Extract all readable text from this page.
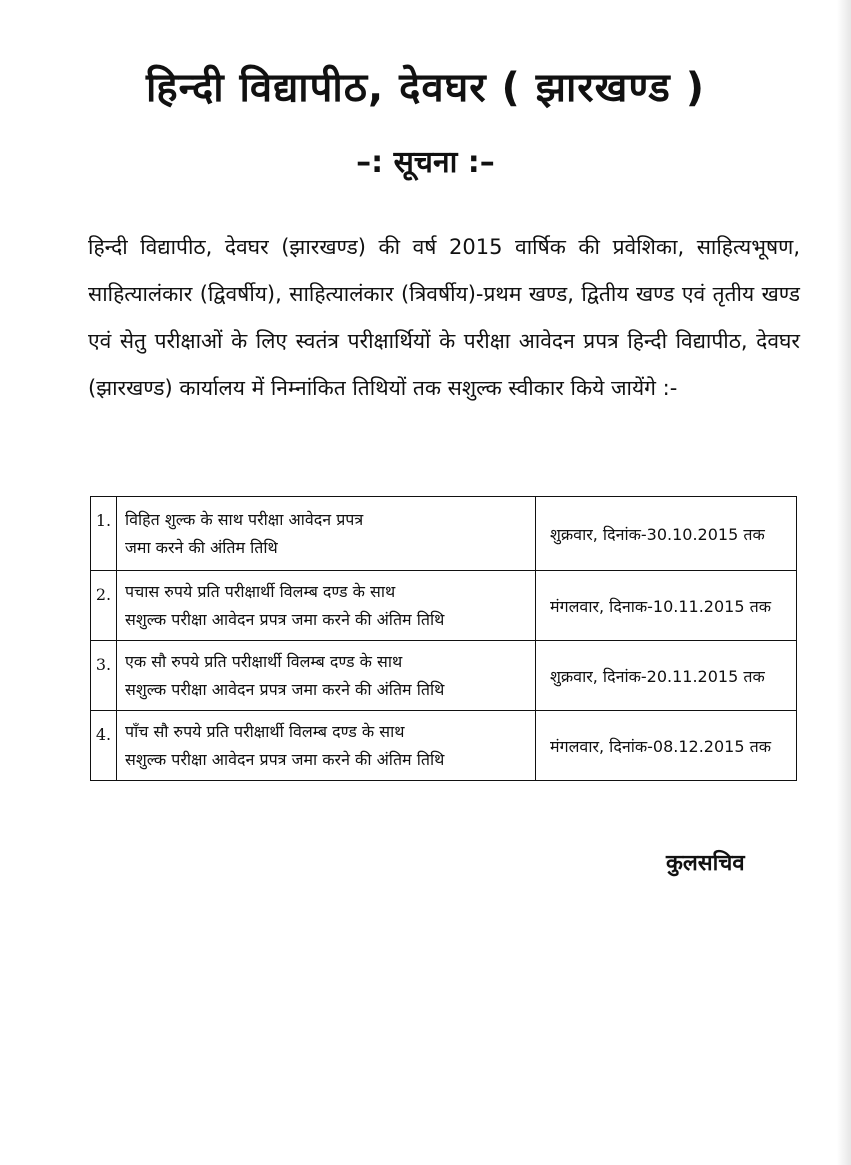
हिन्दी विद्यापीठ, देवघर ( झारखण्ड )
–: सूचना :–

हिन्दी विद्यापीठ, देवघर (झारखण्ड) की वर्ष 2015 वार्षिक की प्रवेशिका, साहित्यभूषण, साहित्यालंकार (द्विवर्षीय), साहित्यालंकार (त्रिवर्षीय)-प्रथम खण्ड, द्वितीय खण्ड एवं तृतीय खण्ड एवं सेतु परीक्षाओं के लिए स्वतंत्र परीक्षार्थियों के परीक्षा आवेदन प्रपत्र हिन्दी विद्यापीठ, देवघर (झारखण्ड) कार्यालय में निम्नांकित तिथियों तक सशुल्क स्वीकार किये जायेंगे :-

1.	विहित शुल्क के साथ परीक्षा आवेदन प्रपत्र
जमा करने की अंतिम तिथि	शुक्रवार, दिनांक-30.10.2015 तक
2.	पचास रुपये प्रति परीक्षार्थी विलम्ब दण्ड के साथ
सशुल्क परीक्षा आवेदन प्रपत्र जमा करने की अंतिम तिथि	मंगलवार, दिनाक-10.11.2015 तक
3.	एक सौ रुपये प्रति परीक्षार्थी विलम्ब दण्ड के साथ
सशुल्क परीक्षा आवेदन प्रपत्र जमा करने की अंतिम तिथि	शुक्रवार, दिनांक-20.11.2015 तक
4.	पाँच सौ रुपये प्रति परीक्षार्थी विलम्ब दण्ड के साथ
सशुल्क परीक्षा आवेदन प्रपत्र जमा करने की अंतिम तिथि	मंगलवार, दिनांक-08.12.2015 तक

कुलसचिव
